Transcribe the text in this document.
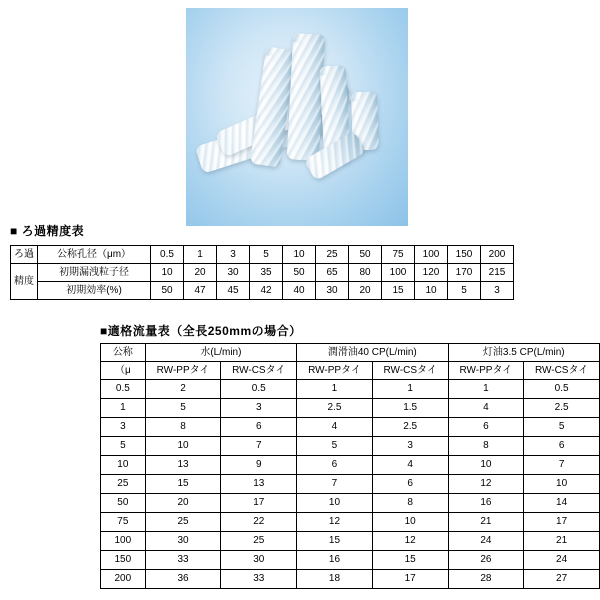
■ ろ過精度表
■適格流量表（全長250mmの場合）
ろ過	公称孔径（μm）	0.5	1	3	5	10	25	50	75	100	150	200
精度	初期漏洩粒子径	10	20	30	35	50	65	80	100	120	170	215
	初期効率(%)	50	47	45	42	40	30	20	15	10	5	3
公称	水(L/min)		潤滑油40 CP(L/min)		灯油3.5 CP(L/min)	
（μ	RW-PPタイ	RW-CSタイ	RW-PPタイ	RW-CSタイ	RW-PPタイ	RW-CSタイ
0.5	2	0.5	1	1	1	0.5
1	5	3	2.5	1.5	4	2.5
3	8	6	4	2.5	6	5
5	10	7	5	3	8	6
10	13	9	6	4	10	7
25	15	13	7	6	12	10
50	20	17	10	8	16	14
75	25	22	12	10	21	17
100	30	25	15	12	24	21
150	33	30	16	15	26	24
200	36	33	18	17	28	27
